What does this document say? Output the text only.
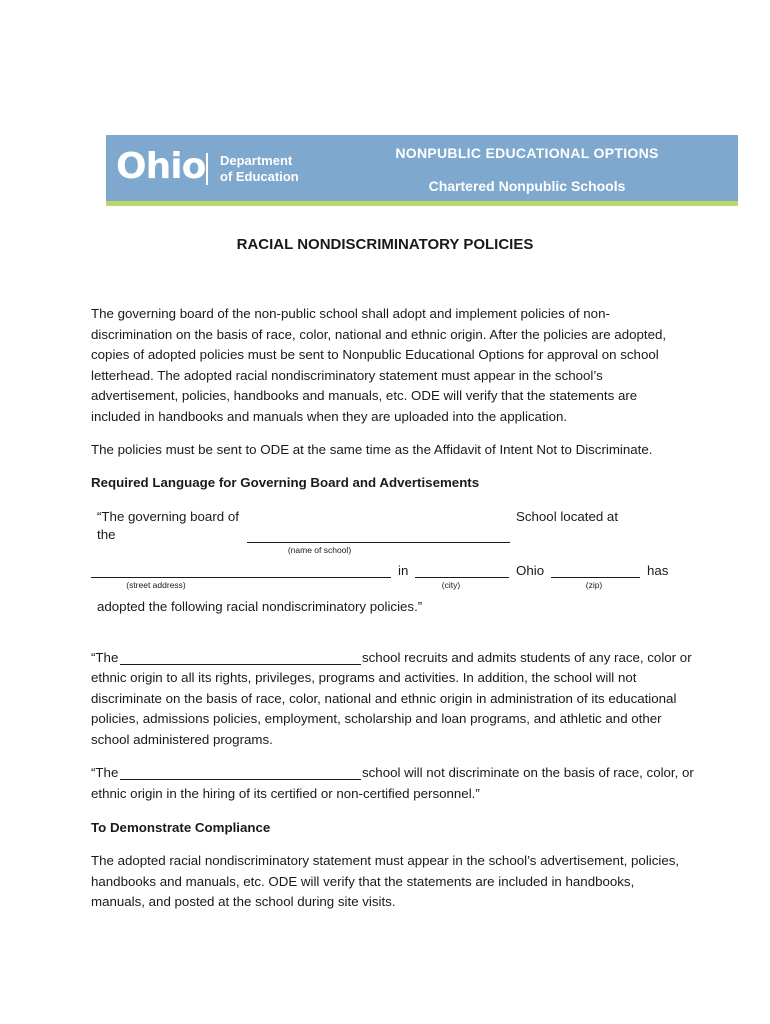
Ohio Department
of Education
NONPUBLIC EDUCATIONAL OPTIONS
Chartered Nonpublic Schools
RACIAL NONDISCRIMINATORY POLICIES
The governing board of the non-public school shall adopt and implement policies of non-discrimination on the basis of race, color, national and ethnic origin. After the policies are adopted, copies of adopted policies must be sent to Nonpublic Educational Options for approval on school letterhead. The adopted racial nondiscriminatory statement must appear in the school’s advertisement, policies, handbooks and manuals, etc. ODE will verify that the statements are included in handbooks and manuals when they are uploaded into the application.
The policies must be sent to ODE at the same time as the Affidavit of Intent Not to Discriminate.
Required Language for Governing Board and Advertisements
“The governing board of
the
(name of school)
School located at
(street address)
in
(city)
Ohio
(zip)
has
adopted the following racial nondiscriminatory policies.”
“The	school recruits and admits students of any race, color or
ethnic origin to all its rights, privileges, programs and activities. In addition, the school will not discriminate on the basis of race, color, national and ethnic origin in administration of its educational policies, admissions policies, employment, scholarship and loan programs, and athletic and other school administered programs.
“The	school will not discriminate on the basis of race, color, or
ethnic origin in the hiring of its certified or non-certified personnel.”
To Demonstrate Compliance
The adopted racial nondiscriminatory statement must appear in the school’s advertisement, policies, handbooks and manuals, etc. ODE will verify that the statements are included in handbooks, manuals, and posted at the school during site visits.
